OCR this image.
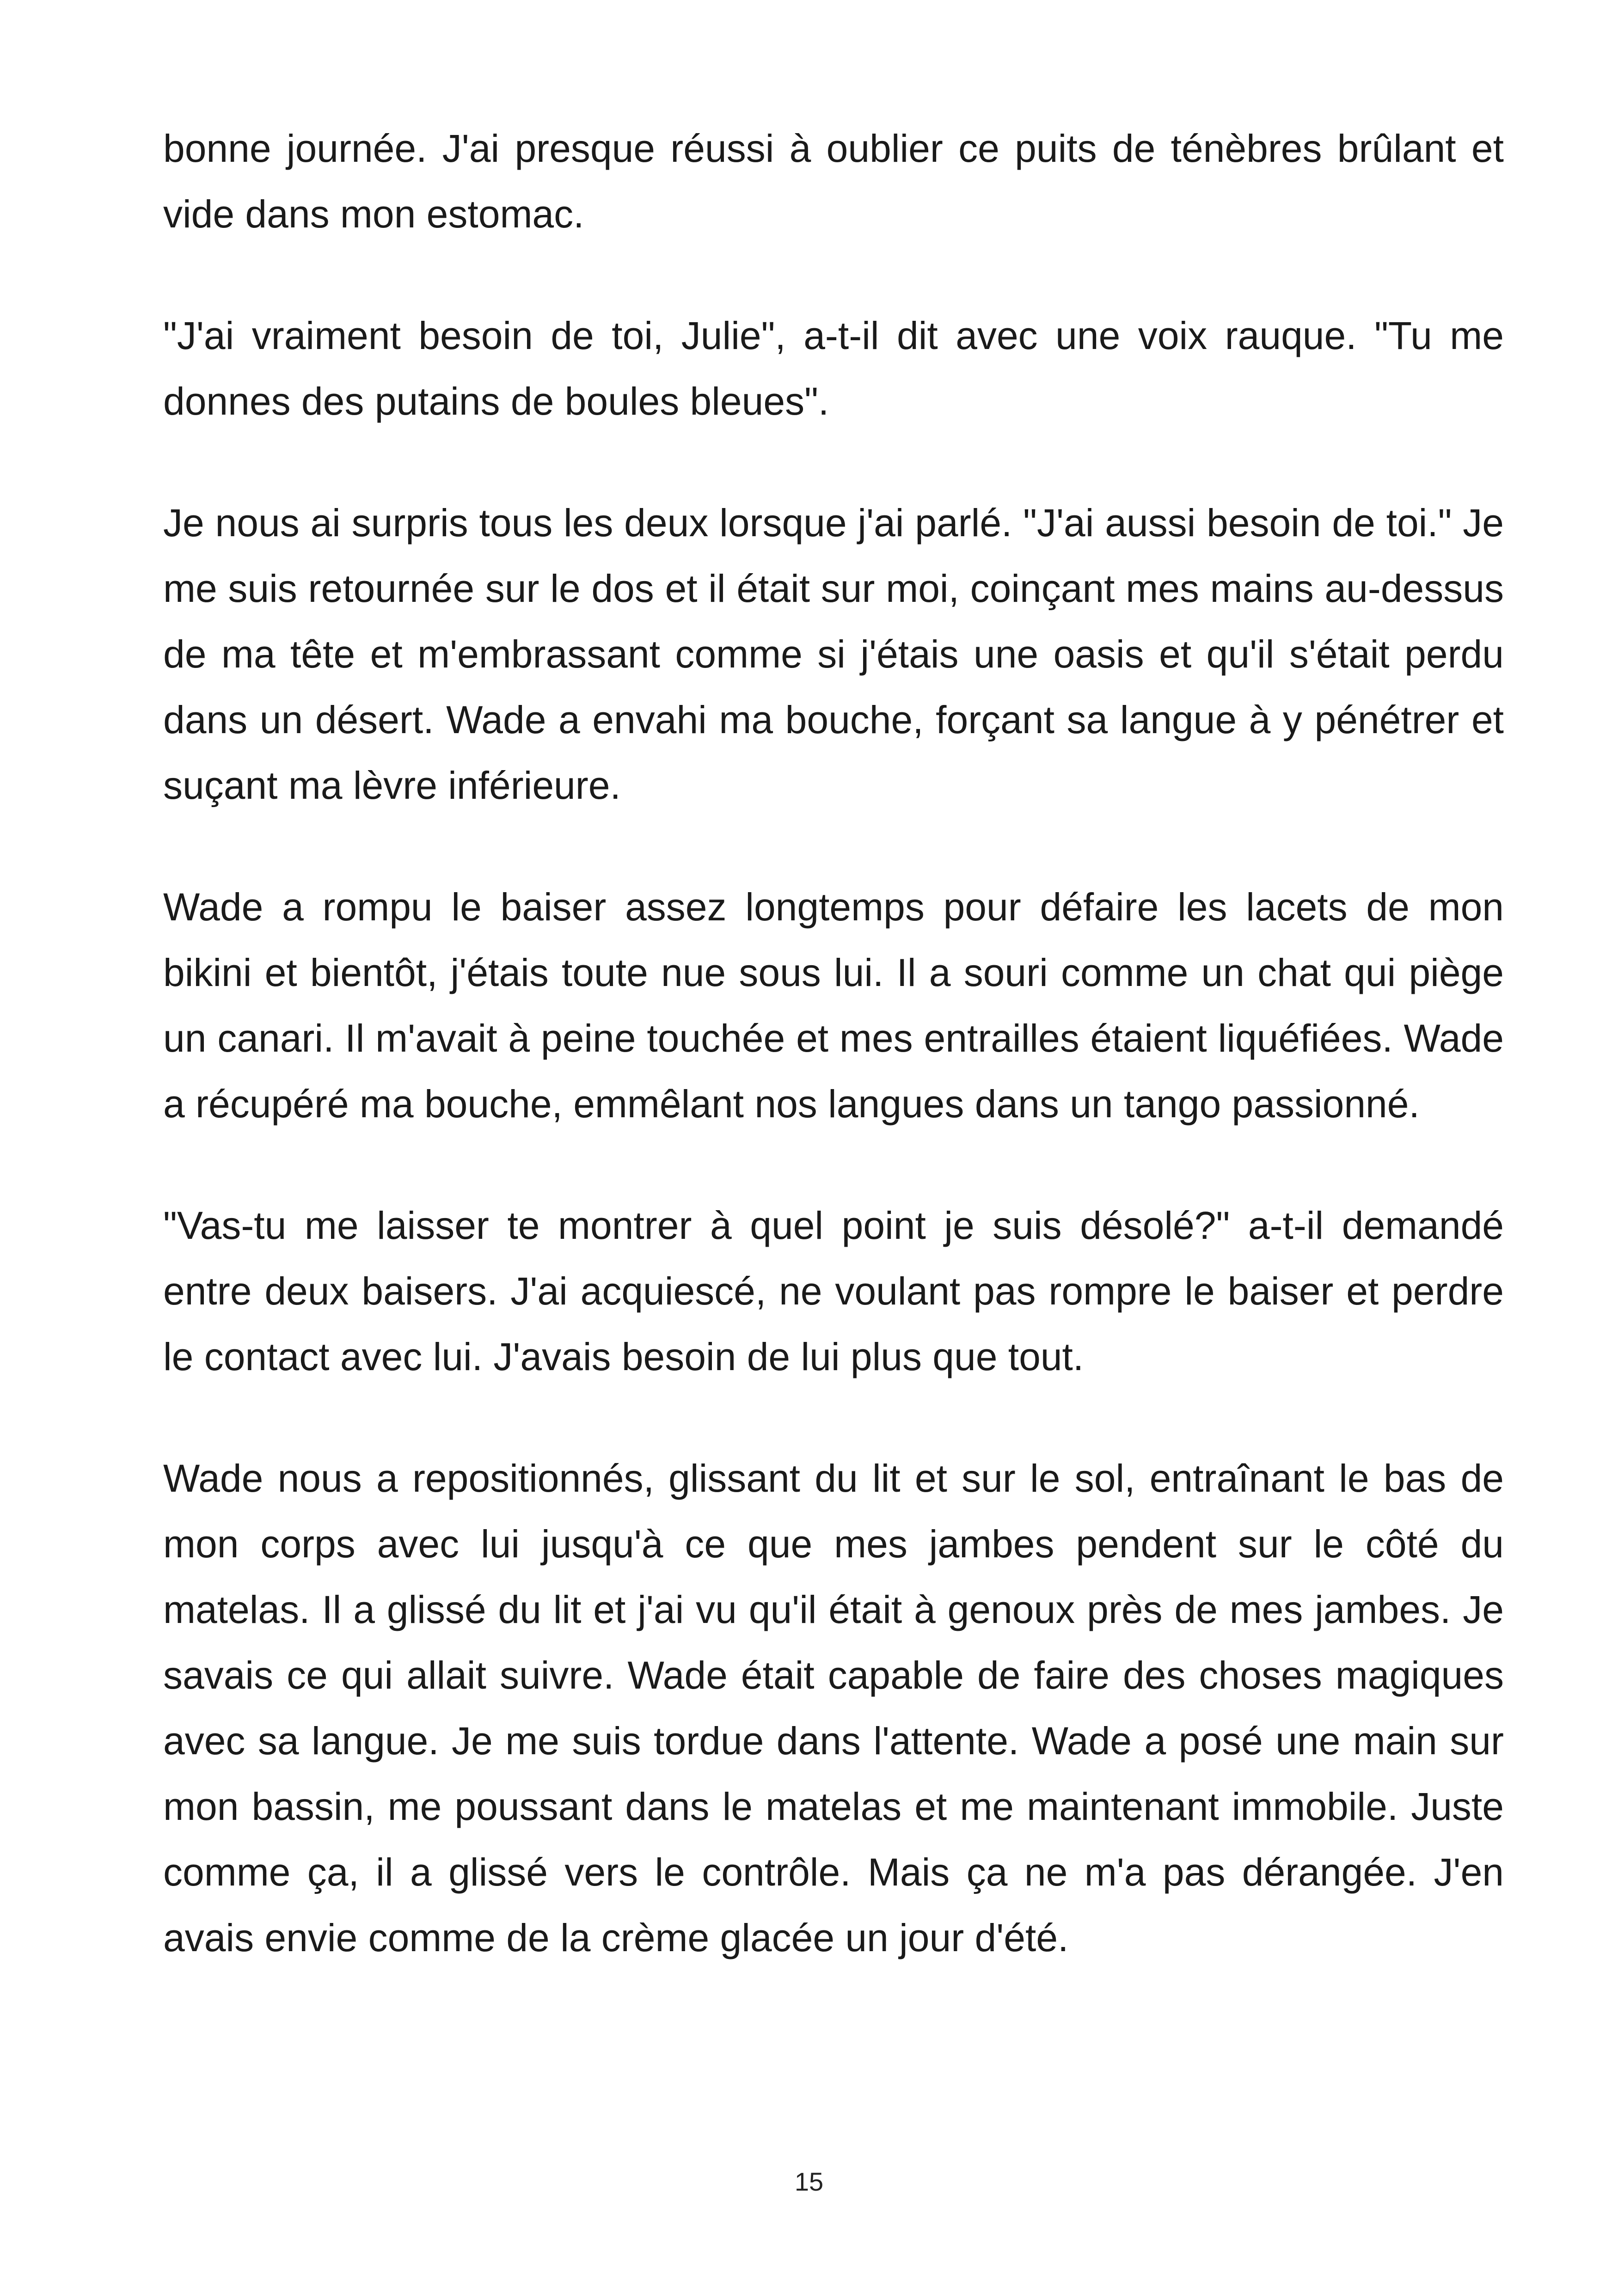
bonne journée. J'ai presque réussi à oublier ce puits de ténèbres brûlant et vide dans mon estomac.

"J'ai vraiment besoin de toi, Julie", a-t-il dit avec une voix rauque. "Tu me donnes des putains de boules bleues".

Je nous ai surpris tous les deux lorsque j'ai parlé. "J'ai aussi besoin de toi." Je me suis retournée sur le dos et il était sur moi, coinçant mes mains au-dessus de ma tête et m'embrassant comme si j'étais une oasis et qu'il s'était perdu dans un désert. Wade a envahi ma bouche, forçant sa langue à y pénétrer et suçant ma lèvre inférieure.

Wade a rompu le baiser assez longtemps pour défaire les lacets de mon bikini et bientôt, j'étais toute nue sous lui. Il a souri comme un chat qui piège un canari. Il m'avait à peine touchée et mes entrailles étaient liquéfiées. Wade a récupéré ma bouche, emmêlant nos langues dans un tango passionné.

"Vas-tu me laisser te montrer à quel point je suis désolé?" a-t-il demandé entre deux baisers. J'ai acquiescé, ne voulant pas rompre le baiser et perdre le contact avec lui. J'avais besoin de lui plus que tout.

Wade nous a repositionnés, glissant du lit et sur le sol, entraînant le bas de mon corps avec lui jusqu'à ce que mes jambes pendent sur le côté du matelas. Il a glissé du lit et j'ai vu qu'il était à genoux près de mes jambes. Je savais ce qui allait suivre. Wade était capable de faire des choses magiques avec sa langue. Je me suis tordue dans l'attente. Wade a posé une main sur mon bassin, me poussant dans le matelas et me maintenant immobile. Juste comme ça, il a glissé vers le contrôle. Mais ça ne m'a pas dérangée. J'en avais envie comme de la crème glacée un jour d'été.

15
